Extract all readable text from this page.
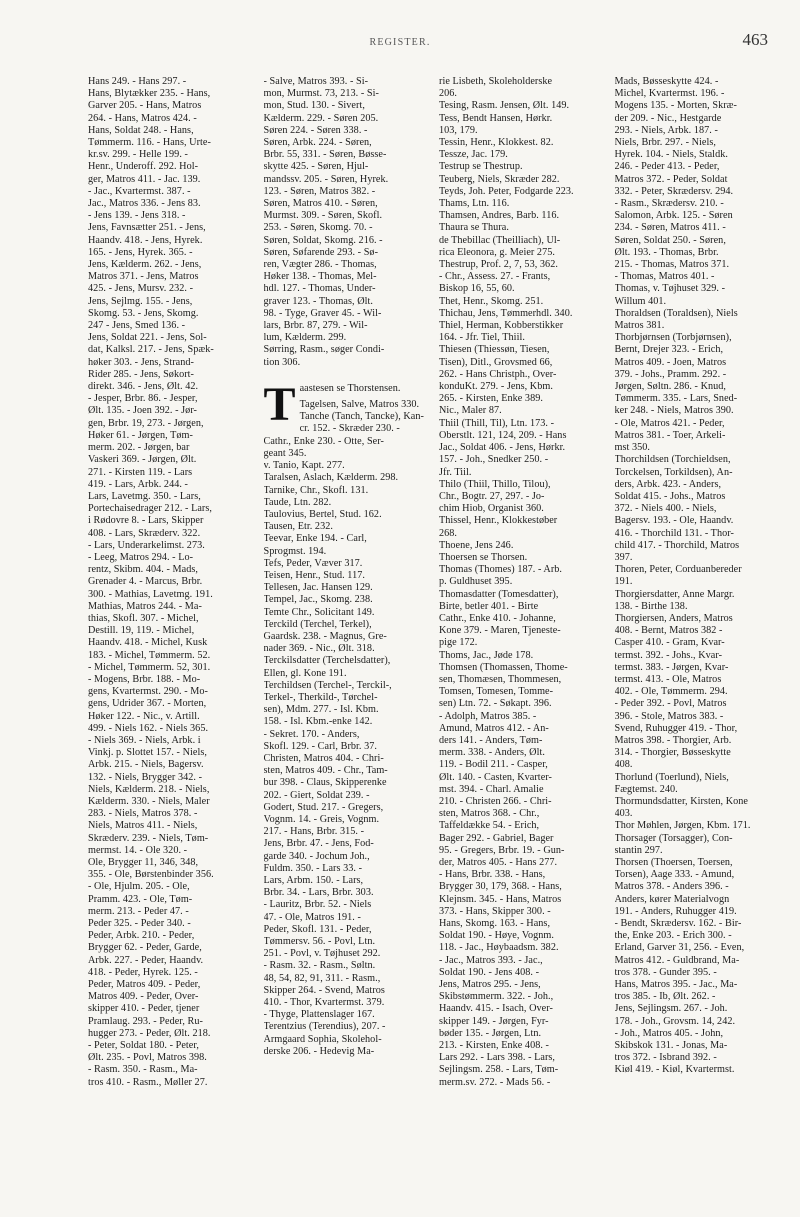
REGISTER.	463
Hans 249. - Hans 297. -
Hans, Blytækker 235. - Hans,
Garver 205. - Hans, Matros
264. - Hans, Matros 424. -
Hans, Soldat 248. - Hans,
Tømmerm. 116. - Hans, Urte-
kr.sv. 299. - Helle 199. -
Henr., Underoff. 292. Hol-
ger, Matros 411. - Jac. 139.
- Jac., Kvartermst. 387. -
Jac., Matros 336. - Jens 83.
- Jens 139. - Jens 318. -
Jens, Favnsætter 251. - Jens,
Haandv. 418. - Jens, Hyrek.
165. - Jens, Hyrek. 365. -
Jens, Kælderm. 262. - Jens,
Matros 371. - Jens, Matros
425. - Jens, Mursv. 232. -
Jens, Sejlmg. 155. - Jens,
Skomg. 53. - Jens, Skomg.
247 - Jens, Smed 136. -
Jens, Soldat 221. - Jens, Sol-
dat, Kalksl. 217. - Jens, Spæk-
høker 303. - Jens, Strand-
Rider 285. - Jens, Søkort-
direkt. 346. - Jens, Ølt. 42.
- Jesper, Brbr. 86. - Jesper,
Ølt. 135. - Joen 392. - Jør-
gen, Brbr. 19, 273. - Jørgen,
Høker 61. - Jørgen, Tøm-
merm. 202. - Jørgen, bar
Vaskeri 369. - Jørgen, Ølt.
271. - Kirsten 119. - Lars
419. - Lars, Arbk. 244. -
Lars, Lavetmg. 350. - Lars,
Portechaisedrager 212. - Lars,
i Rødovre 8. - Lars, Skipper
408. - Lars, Skræderv. 322.
- Lars, Underarkelimst. 273.
- Leeg, Matros 294. - Lo-
rentz, Skibm. 404. - Mads,
Grenader 4. - Marcus, Brbr.
300. - Mathias, Lavetmg. 191.
Mathias, Matros 244. - Ma-
thias, Skofl. 307. - Michel,
Destill. 19, 119. - Michel,
Haandv. 418. - Michel, Kusk
183. - Michel, Tømmerm. 52.
- Michel, Tømmerm. 52, 301.
- Mogens, Brbr. 188. - Mo-
gens, Kvartermst. 290. - Mo-
gens, Udrider 367. - Morten,
Høker 122. - Nic., v. Artill.
499. - Niels 162. - Niels 365.
- Niels 369. - Niels, Arbk. i
Vinkj. p. Slottet 157. - Niels,
Arbk. 215. - Niels, Bagersv.
132. - Niels, Brygger 342. -
Niels, Kælderm. 218. - Niels,
Kælderm. 330. - Niels, Maler
283. - Niels, Matros 378. -
Niels, Matros 411. - Niels,
Skræderv. 239. - Niels, Tøm-
mermst. 14. - Ole 320. -
Ole, Brygger 11, 346, 348,
355. - Ole, Børstenbinder 356.
- Ole, Hjulm. 205. - Ole,
Pramm. 423. - Ole, Tøm-
merm. 213. - Peder 47. -
Peder 325. - Peder 340. -
Peder, Arbk. 210. - Peder,
Brygger 62. - Peder, Garde,
Arbk. 227. - Peder, Haandv.
418. - Peder, Hyrek. 125. -
Peder, Matros 409. - Peder,
Matros 409. - Peder, Over-
skipper 410. - Peder, tjener
Pramlaug. 293. - Peder, Ru-
hugger 273. - Peder, Ølt. 218.
- Peter, Soldat 180. - Peter,
Ølt. 235. - Povl, Matros 398.
- Rasm. 350. - Rasm., Ma-
tros 410. - Rasm., Møller 27.
- Salve, Matros 393. - Si-
mon, Murmst. 73, 213. - Si-
mon, Stud. 130. - Sivert,
Kælderm. 229. - Søren 205.
Søren 224. - Søren 338. -
Søren, Arbk. 224. - Søren,
Brbr. 55, 331. - Søren, Bøsse-
skytte 425. - Søren, Hjul-
mandssv. 205. - Søren, Hyrek.
123. - Søren, Matros 382. -
Søren, Matros 410. - Søren,
Murmst. 309. - Søren, Skofl.
253. - Søren, Skomg. 70. -
Søren, Soldat, Skomg. 216. -
Søren, Søfarende 293. - Sø-
ren, Vægter 286. - Thomas,
Høker 138. - Thomas, Mel-
hdl. 127. - Thomas, Under-
graver 123. - Thomas, Ølt.
98. - Tyge, Graver 45. - Wil-
lars, Brbr. 87, 279. - Wil-
lum, Kælderm. 299.
Sørring, Rasm., søger Condi-
tion 306.
T aastesen se Thorstensen.
Tagelsen, Salve, Matros 330.
Tanche (Tanch, Tancke), Kan-
cr. 152. - Skræder 230. -
Cathr., Enke 230. - Otte, Ser-
geant 345.
v. Tanio, Kapt. 277.
Taralsen, Aslach, Kælderm. 298.
Tarnike, Chr., Skofl. 131.
Taude, Ltn. 282.
Taulovius, Bertel, Stud. 162.
Tausen, Etr. 232.
Teevar, Enke 194. - Carl,
Sprogmst. 194.
Tefs, Peder, Væver 317.
Teisen, Henr., Stud. 117.
Tellesen, Jac. Hansen 129.
Tempel, Jac., Skomg. 238.
Temte Chr., Solicitant 149.
Terckild (Terchel, Terkel),
Gaardsk. 238. - Magnus, Gre-
nader 369. - Nic., Ølt. 318.
Terckilsdatter (Terchelsdatter),
Ellen, gl. Kone 191.
Terchildsen (Terchel-, Terckil-,
Terkel-, Therkild-, Tørchel-
sen), Mdm. 277. - Isl. Kbm.
158. - Isl. Kbm.-enke 142.
- Sekret. 170. - Anders,
Skofl. 129. - Carl, Brbr. 37.
Christen, Matros 404. - Chri-
sten, Matros 409. - Chr., Tam-
bur 398. - Claus, Skipperenke
202. - Giert, Soldat 239. -
Godert, Stud. 217. - Gregers,
Vognm. 14. - Greis, Vognm.
217. - Hans, Brbr. 315. -
Jens, Brbr. 47. - Jens, Fod-
garde 340. - Jochum Joh.,
Fuldm. 350. - Lars 33. -
Lars, Arbm. 150. - Lars,
Brbr. 34. - Lars, Brbr. 303.
- Lauritz, Brbr. 52. - Niels
47. - Ole, Matros 191. -
Peder, Skofl. 131. - Peder,
Tømmersv. 56. - Povl, Ltn.
251. - Povl, v. Tøjhuset 292.
- Rasm. 32. - Rasm., Søltn.
48, 54, 82, 91, 311. - Rasm.,
Skipper 264. - Svend, Matros
410. - Thor, Kvartermst. 379.
- Thyge, Plattenslager 167.
Terentzius (Terendius), 207. -
Armgaard Sophia, Skolehol-
derske 206. - Hedevig Ma-
rie Lisbeth, Skoleholderske
206.
Tesing, Rasm. Jensen, Ølt. 149.
Tess, Bendt Hansen, Hørkr.
103, 179.
Tessin, Henr., Klokkest. 82.
Tessze, Jac. 179.
Testrup se Thestrup.
Teuberg, Niels, Skræder 282.
Teyds, Joh. Peter, Fodgarde 223.
Thams, Ltn. 116.
Thamsen, Andres, Barb. 116.
Thaura se Thura.
de Thebillac (Theilliach), Ul-
rica Eleonora, g. Meier 275.
Thestrup, Prof. 2, 7, 53, 362.
- Chr., Assess. 27. - Frants,
Biskop 16, 55, 60.
Thet, Henr., Skomg. 251.
Thichau, Jens, Tømmerhdl. 340.
Thiel, Herman, Kobberstikker
164. - Jfr. Tiel, Thiil.
Thiesen (Thiessøn, Tiesen,
Tisen), Ditl., Grovsmed 66,
262. - Hans Christph., Over-
konduKt. 279. - Jens, Kbm.
265. - Kirsten, Enke 389.
Nic., Maler 87.
Thiil (Thill, Til), Ltn. 173. -
Oberstlt. 121, 124, 209. - Hans
Jac., Soldat 406. - Jens, Hørkr.
157. - Joh., Snedker 250. -
Jfr. Tiil.
Thilo (Thiil, Thillo, Tilou),
Chr., Bogtr. 27, 297. - Jo-
chim Hiob, Organist 360.
Thissel, Henr., Klokkestøber
268.
Thoene, Jens 246.
Thoersen se Thorsen.
Thomas (Thomes) 187. - Arb.
p. Guldhuset 395.
Thomasdatter (Tomesdatter),
Birte, betler 401. - Birte
Cathr., Enke 410. - Johanne,
Kone 379. - Maren, Tjeneste-
pige 172.
Thoms, Jac., Jøde 178.
Thomsen (Thomassen, Thome-
sen, Thomæsen, Thommesen,
Tomsen, Tomesen, Tomme-
sen) Ltn. 72. - Søkapt. 396.
- Adolph, Matros 385. -
Amund, Matros 412. - An-
ders 141. - Anders, Tøm-
merm. 338. - Anders, Ølt.
119. - Bodil 211. - Casper,
Ølt. 140. - Casten, Kvarter-
mst. 394. - Charl. Amalie
210. - Christen 266. - Chri-
sten, Matros 368. - Chr.,
Taffeldække 54. - Erich,
Bager 292. - Gabriel, Bager
95. - Gregers, Brbr. 19. - Gun-
der, Matros 405. - Hans 277.
- Hans, Brbr. 338. - Hans,
Brygger 30, 179, 368. - Hans,
Klejnsm. 345. - Hans, Matros
373. - Hans, Skipper 300. -
Hans, Skomg. 163. - Hans,
Soldat 190. - Høye, Vognm.
118. - Jac., Høybaadsm. 382.
- Jac., Matros 393. - Jac.,
Soldat 190. - Jens 408. -
Jens, Matros 295. - Jens,
Skibstømmerm. 322. - Joh.,
Haandv. 415. - Isach, Over-
skipper 149. - Jørgen, Fyr-
bøder 135. - Jørgen, Ltn.
213. - Kirsten, Enke 408. -
Lars 292. - Lars 398. - Lars,
Sejlingsm. 258. - Lars, Tøm-
merm.sv. 272. - Mads 56. -
Mads, Bøsseskytte 424. -
Michel, Kvartermst. 196. -
Mogens 135. - Morten, Skræ-
der 209. - Nic., Hestgarde
293. - Niels, Arbk. 187. -
Niels, Brbr. 297. - Niels,
Hyrek. 104. - Niels, Staldk.
246. - Peder 413. - Peder,
Matros 372. - Peder, Soldat
332. - Peter, Skrædersv. 294.
- Rasm., Skrædersv. 210. -
Salomon, Arbk. 125. - Søren
234. - Søren, Matros 411. -
Søren, Soldat 250. - Søren,
Ølt. 193. - Thomas, Brbr.
215. - Thomas, Matros 371.
- Thomas, Matros 401. -
Thomas, v. Tøjhuset 329. -
Willum 401.
Thoraldsen (Toraldsen), Niels
Matros 381.
Thorbjørnsen (Torbjørnsen),
Bernt, Drejer 323. - Erich,
Matros 409. - Joen, Matros
379. - Johs., Pramm. 292. -
Jørgen, Søltn. 286. - Knud,
Tømmerm. 335. - Lars, Sned-
ker 248. - Niels, Matros 390.
- Ole, Matros 421. - Peder,
Matros 381. - Toer, Arkeli-
mst 350.
Thorchildsen (Torchieldsen,
Torckelsen, Torkildsen), An-
ders, Arbk. 423. - Anders,
Soldat 415. - Johs., Matros
372. - Niels 400. - Niels,
Bagersv. 193. - Ole, Haandv.
416. - Thorchild 131. - Thor-
child 417. - Thorchild, Matros
397.
Thoren, Peter, Corduanbereder
191.
Thorgiersdatter, Anne Margr.
138. - Birthe 138.
Thorgiersen, Anders, Matros
408. - Bernt, Matros 382 -
Casper 410. - Gram, Kvar-
termst. 392. - Johs., Kvar-
termst. 383. - Jørgen, Kvar-
termst. 413. - Ole, Matros
402. - Ole, Tømmerm. 294.
- Peder 392. - Povl, Matros
396. - Stole, Matros 383. -
Svend, Ruhugger 419. - Thor,
Matros 398. - Thorgier, Arb.
314. - Thorgier, Bøsseskytte
408.
Thorlund (Toerlund), Niels,
Fægtemst. 240.
Thormundsdatter, Kirsten, Kone
403.
Thor Møhlen, Jørgen, Kbm. 171.
Thorsager (Torsagger), Con-
stantin 297.
Thorsen (Thoersen, Toersen,
Torsen), Aage 333. - Amund,
Matros 378. - Anders 396. -
Anders, kører Materialvogn
191. - Anders, Ruhugger 419.
- Bendt, Skrædersv. 162. - Bir-
the, Enke 203. - Erich 300. -
Erland, Garver 31, 256. - Even,
Matros 412. - Guldbrand, Ma-
tros 378. - Gunder 395. -
Hans, Matros 395. - Jac., Ma-
tros 385. - Ib, Ølt. 262. -
Jens, Sejlingsm. 267. - Joh.
178. - Joh., Grovsm. 14, 242.
- Joh., Matros 405. - John,
Skibskok 131. - Jonas, Ma-
tros 372. - Isbrand 392. -
Kiøl 419. - Kiøl, Kvartermst.
